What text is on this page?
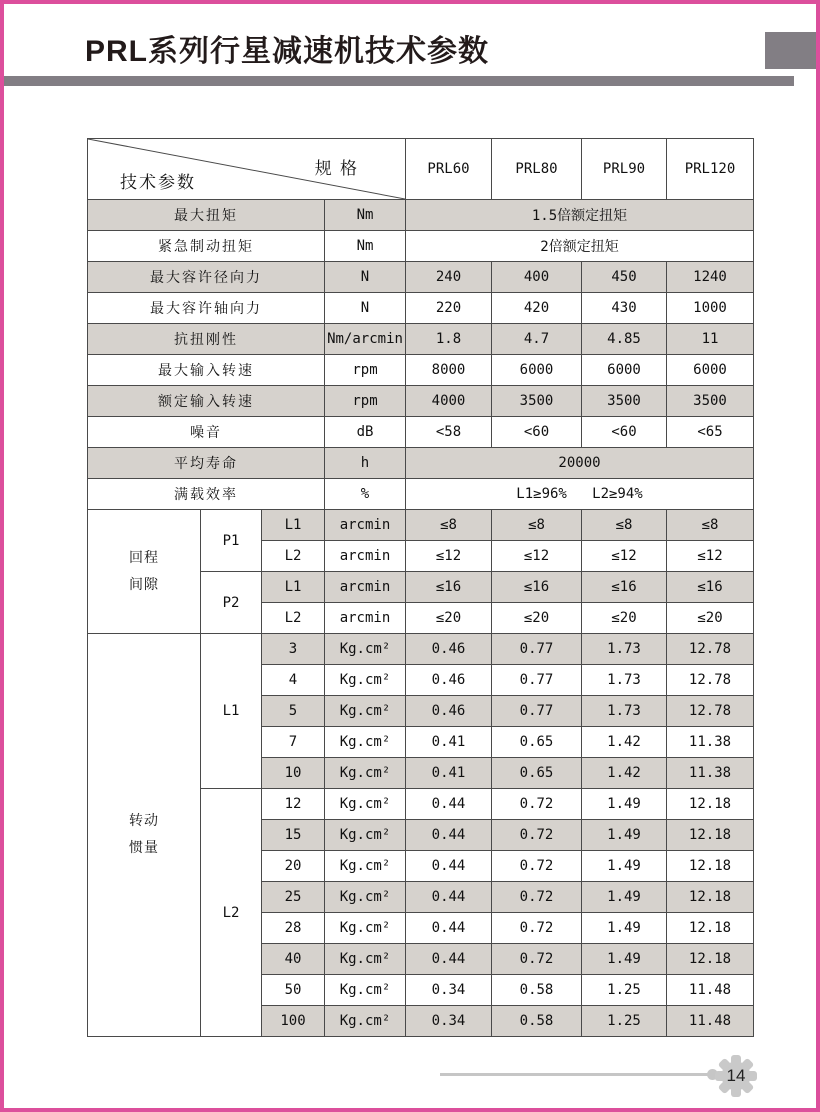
PRL系列行星减速机技术参数
规 格
技术参数				PRL60	PRL80	PRL90	PRL120
最大扭矩			Nm	1.5倍额定扭矩			
紧急制动扭矩			Nm	2倍额定扭矩			
最大容许径向力			N	240	400	450	1240
最大容许轴向力			N	220	420	430	1000
抗扭刚性			Nm/arcmin	1.8	4.7	4.85	11
最大输入转速			rpm	8000	6000	6000	6000
额定输入转速			rpm	4000	3500	3500	3500
噪音			dB	<58	<60	<60	<65
平均寿命			h	20000			
满载效率			%	L1≥96%   L2≥94%			

回程
间隙	P1	L1	arcmin	≤8	≤8	≤8	≤8
		L2	arcmin	≤12	≤12	≤12	≤12
	P2	L1	arcmin	≤16	≤16	≤16	≤16
		L2	arcmin	≤20	≤20	≤20	≤20

转动
惯量	L1	3	Kg.cm²	0.46	0.77	1.73	12.78
		4	Kg.cm²	0.46	0.77	1.73	12.78
		5	Kg.cm²	0.46	0.77	1.73	12.78
		7	Kg.cm²	0.41	0.65	1.42	11.38
		10	Kg.cm²	0.41	0.65	1.42	11.38
	L2	12	Kg.cm²	0.44	0.72	1.49	12.18
		15	Kg.cm²	0.44	0.72	1.49	12.18
		20	Kg.cm²	0.44	0.72	1.49	12.18
		25	Kg.cm²	0.44	0.72	1.49	12.18
		28	Kg.cm²	0.44	0.72	1.49	12.18
		40	Kg.cm²	0.44	0.72	1.49	12.18
		50	Kg.cm²	0.34	0.58	1.25	11.48
		100	Kg.cm²	0.34	0.58	1.25	11.48
14
